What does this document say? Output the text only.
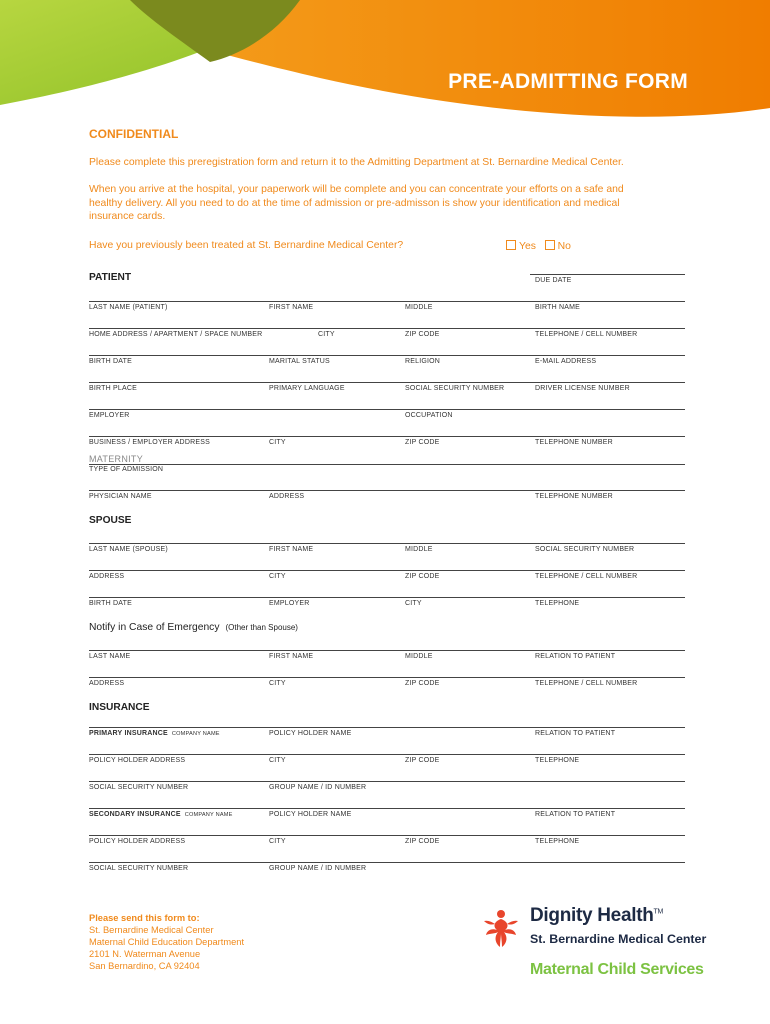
PRE-ADMITTING FORM
CONFIDENTIAL
Please complete this preregistration form and return it to the Admitting Department at St. Bernardine Medical Center.
When you arrive at the hospital, your paperwork will be complete and you can concentrate your efforts on a safe and healthy delivery. All you need to do at the time of admission or pre-admisson is show your identification and medical insurance cards.
Have you previously been treated at St. Bernardine Medical Center?	Yes No
PATIENT	DUE DATE
LAST NAME (PATIENT)	FIRST NAME	MIDDLE	BIRTH NAME
HOME ADDRESS / APARTMENT / SPACE NUMBER	CITY	ZIP CODE	TELEPHONE / CELL NUMBER
BIRTH DATE	MARITAL STATUS	RELIGION	E-MAIL ADDRESS
BIRTH PLACE	PRIMARY LANGUAGE	SOCIAL SECURITY NUMBER	DRIVER LICENSE NUMBER
EMPLOYER	OCCUPATION
BUSINESS / EMPLOYER ADDRESS	CITY	ZIP CODE	TELEPHONE NUMBER
MATERNITY
TYPE OF ADMISSION
PHYSICIAN NAME	ADDRESS	TELEPHONE NUMBER
SPOUSE
LAST NAME (SPOUSE)	FIRST NAME	MIDDLE	SOCIAL SECURITY NUMBER
ADDRESS	CITY	ZIP CODE	TELEPHONE / CELL NUMBER
BIRTH DATE	EMPLOYER	CITY	TELEPHONE
Notify in Case of Emergency (Other than Spouse)
LAST NAME	FIRST NAME	MIDDLE	RELATION TO PATIENT
ADDRESS	CITY	ZIP CODE	TELEPHONE / CELL NUMBER
INSURANCE
PRIMARY INSURANCE COMPANY NAME	POLICY HOLDER NAME	RELATION TO PATIENT
POLICY HOLDER ADDRESS	CITY	ZIP CODE	TELEPHONE
SOCIAL SECURITY NUMBER	GROUP NAME / ID NUMBER
SECONDARY INSURANCE COMPANY NAME	POLICY HOLDER NAME	RELATION TO PATIENT
POLICY HOLDER ADDRESS	CITY	ZIP CODE	TELEPHONE
SOCIAL SECURITY NUMBER	GROUP NAME / ID NUMBER
Please send this form to:
St. Bernardine Medical Center
Maternal Child Education Department
2101 N. Waterman Avenue
San Bernardino, CA 92404
Dignity Health™
St. Bernardine Medical Center
Maternal Child Services
